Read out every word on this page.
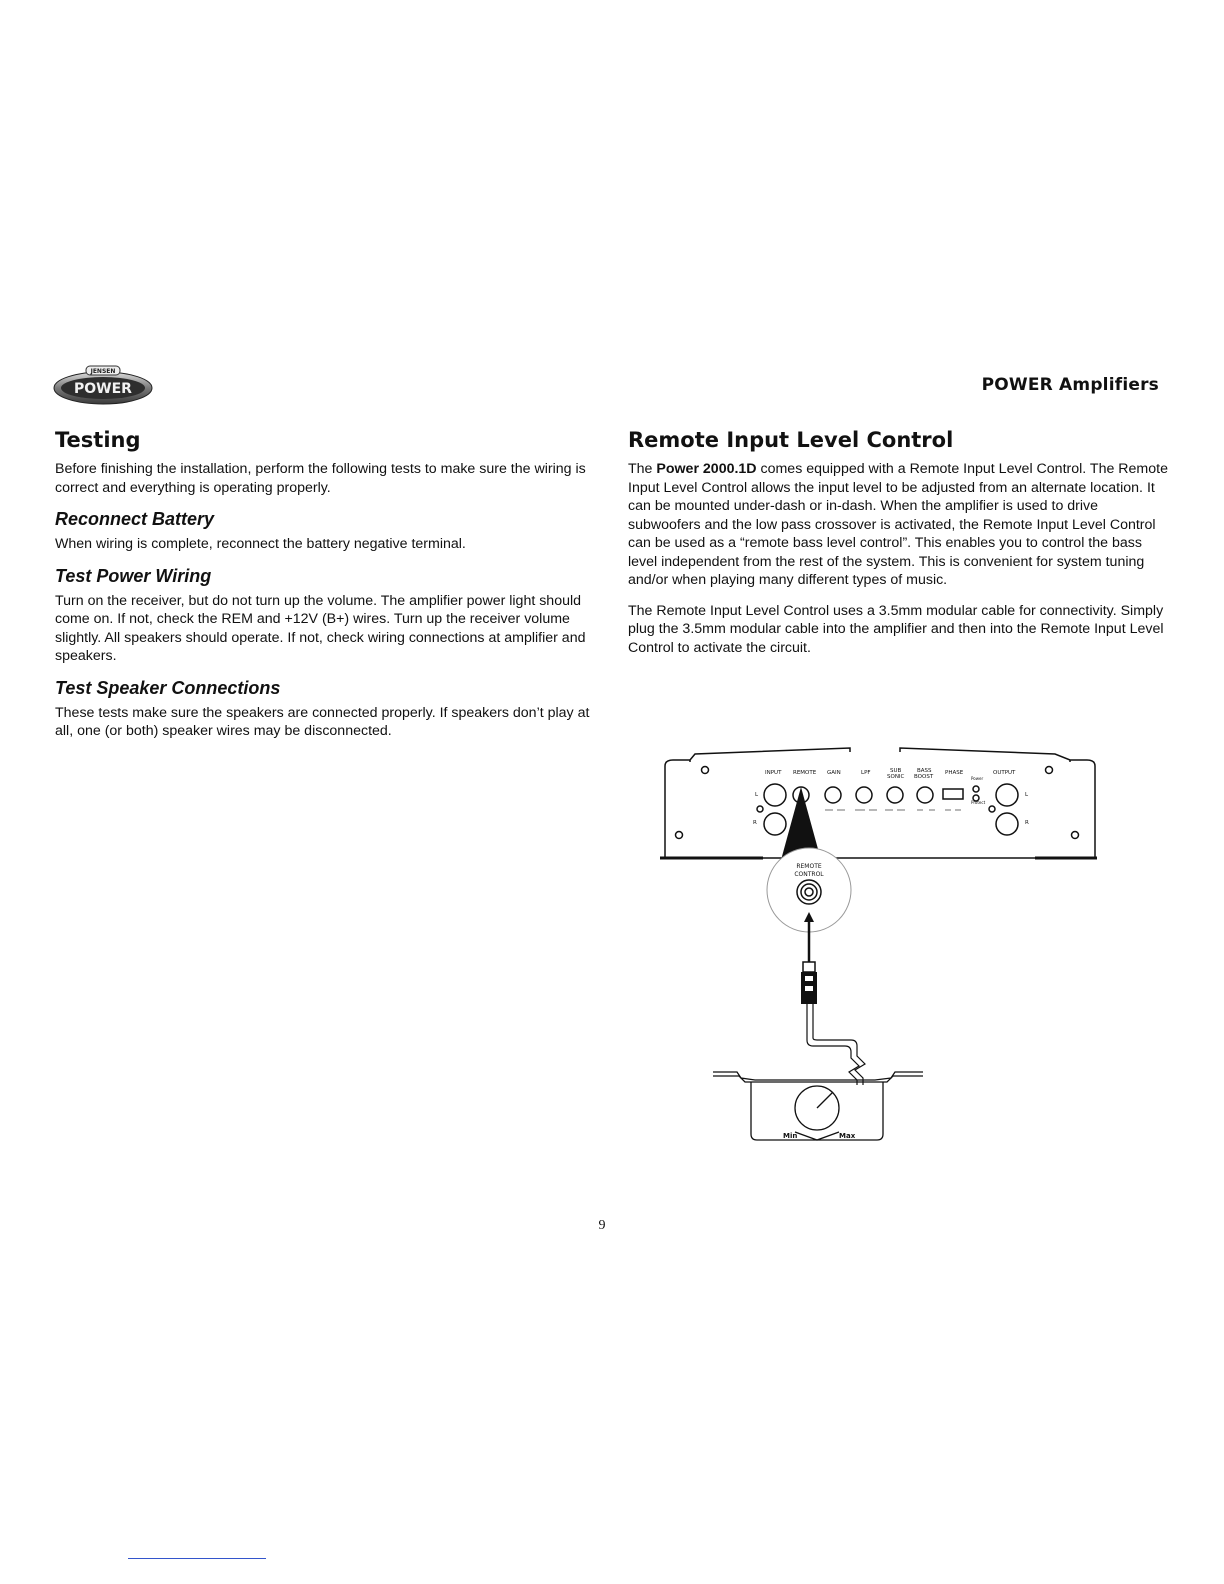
JENSEN
POWER	POWER Amplifiers
Testing

Before finishing the installation, perform the following tests to make sure the wiring is correct and everything is operating properly.

Reconnect Battery

When wiring is complete, reconnect the battery negative terminal.

Test Power Wiring

Turn on the receiver, but do not turn up the volume. The amplifier power light should come on. If not, check the REM and +12V (B+) wires. Turn up the receiver volume slightly. All speakers should operate. If not, check wiring connections at amplifier and speakers.

Test Speaker Connections

These tests make sure the speakers are connected properly. If speakers don’t play at all, one (or both) speaker wires may be disconnected.

Remote Input Level Control

The Power 2000.1D comes equipped with a Remote Input Level Control. The Remote Input Level Control allows the input level to be adjusted from an alternate location. It can be mounted under-dash or in-dash. When the amplifier is used to drive subwoofers and the low pass crossover is activated, the Remote Input Level Control can be used as a “remote bass level control”. This enables you to control the bass level independent from the rest of the system. This is convenient for system tuning and/or when playing many different types of music.

The Remote Input Level Control uses a 3.5mm modular cable for connectivity. Simply plug the 3.5mm modular cable into the amplifier and then into the Remote Input Level Control to activate the circuit.

INPUT REMOTE GAIN	LPF	SUB
SONIC
BASS
BOOST
PHASE	OUTPUT
Power
Protect
L
R
L
R
REMOTE
CONTROL
Min	Max
9
